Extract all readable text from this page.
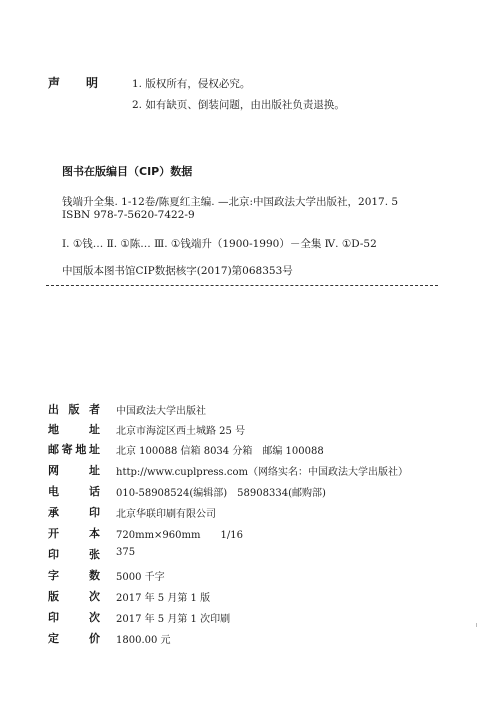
声 明	1. 版权所有，侵权必究。
2. 如有缺页、倒装问题，由出版社负责退换。
图书在版编目（CIP）数据
钱端升全集. 1-12卷/陈夏红主编. —北京:中国政法大学出版社，2017. 5
ISBN 978-7-5620-7422-9
Ⅰ. ①钱… Ⅱ. ①陈… Ⅲ. ①钱端升（1900-1990）－全集 Ⅳ. ①D-52
中国版本图书馆CIP数据核字(2017)第068353号
出 版 者 中国政法大学出版社
地	址 北京市海淀区西土城路 25 号
邮 寄 地 址 北京 100088 信箱 8034 分箱　邮编 100088
网	址 http://www.cuplpress.com（网络实名：中国政法大学出版社）
电	话 010-58908524(编辑部)　58908334(邮购部)
承	印 北京华联印刷有限公司
开	本 720mm×960mm　　1/16
印	张 375
字	数 5000 千字
版	次 2017 年 5 月第 1 版
印	次 2017 年 5 月第 1 次印刷
定	价 1800.00 元
